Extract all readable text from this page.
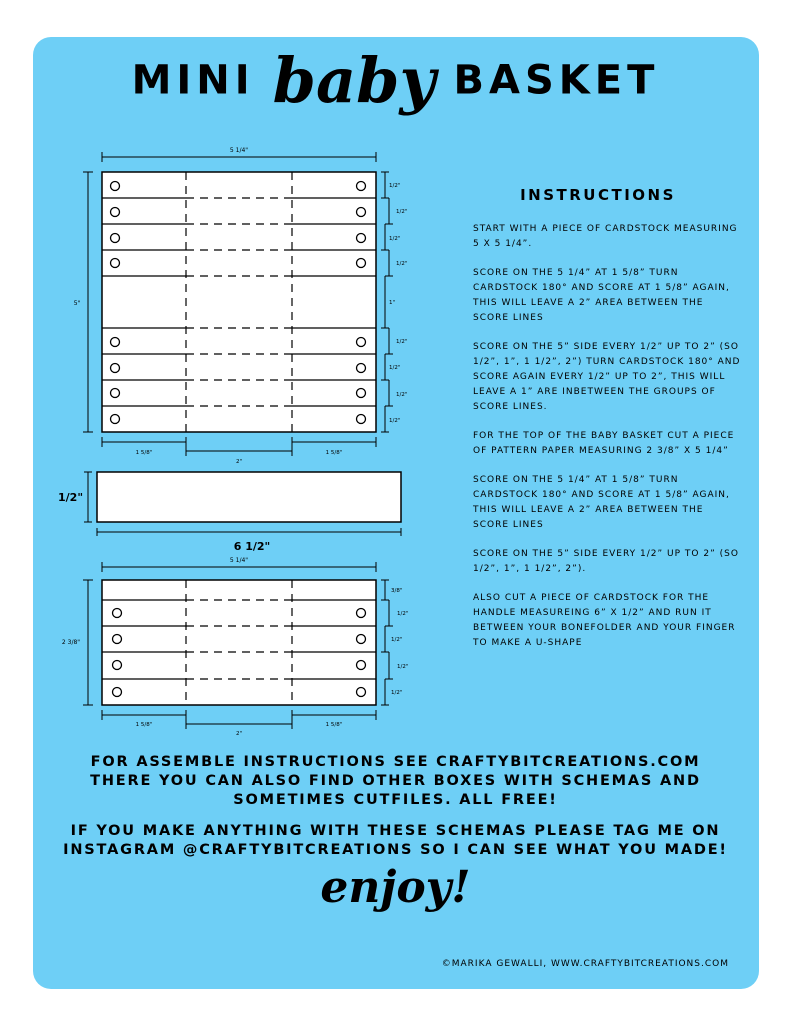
MINI baby BASKET
5 1/4"
5"
1/2"
1/2"
1/2"
1/2"
1"
1/2"
1/2"
1/2"
1/2"
1 5/8"
2"
1 5/8"
1/2"
6 1/2"
5 1/4"
2 3/8"
3/8"
1/2"
1/2"
1/2"
1/2"
1 5/8"
2"
1 5/8"
INSTRUCTIONS

START WITH A PIECE OF CARDSTOCK MEASURING 5 X 5 1/4”.

SCORE ON THE 5 1/4” AT 1 5/8” TURN CARDSTOCK 180° AND SCORE AT 1 5/8” AGAIN, THIS WILL LEAVE A 2” AREA BETWEEN THE SCORE LINES

SCORE ON THE 5” SIDE EVERY 1/2” UP TO 2” (SO 1/2”, 1”, 1 1/2”, 2”) TURN CARDSTOCK 180° AND SCORE AGAIN EVERY 1/2” UP TO 2”, THIS WILL LEAVE A 1” ARE INBETWEEN THE GROUPS OF SCORE LINES.

FOR THE TOP OF THE BABY BASKET CUT A PIECE OF PATTERN PAPER MEASURING 2 3/8” X 5 1/4”

SCORE ON THE 5 1/4” AT 1 5/8” TURN CARDSTOCK 180° AND SCORE AT 1 5/8” AGAIN, THIS WILL LEAVE A 2” AREA BETWEEN THE SCORE LINES

SCORE ON THE 5” SIDE EVERY 1/2” UP TO 2” (SO 1/2”, 1”, 1 1/2”, 2”).

ALSO CUT A PIECE OF CARDSTOCK FOR THE HANDLE MEASUREING 6” X 1/2” AND RUN IT BETWEEN YOUR BONEFOLDER AND YOUR FINGER TO MAKE A U-SHAPE

FOR ASSEMBLE INSTRUCTIONS SEE CRAFTYBITCREATIONS.COM
THERE YOU CAN ALSO FIND OTHER BOXES WITH SCHEMAS AND
SOMETIMES CUTFILES. ALL FREE!
IF YOU MAKE ANYTHING WITH THESE SCHEMAS PLEASE TAG ME ON
INSTAGRAM @CRAFTYBITCREATIONS SO I CAN SEE WHAT YOU MADE!
enjoy!
©MARIKA GEWALLI, WWW.CRAFTYBITCREATIONS.COM
